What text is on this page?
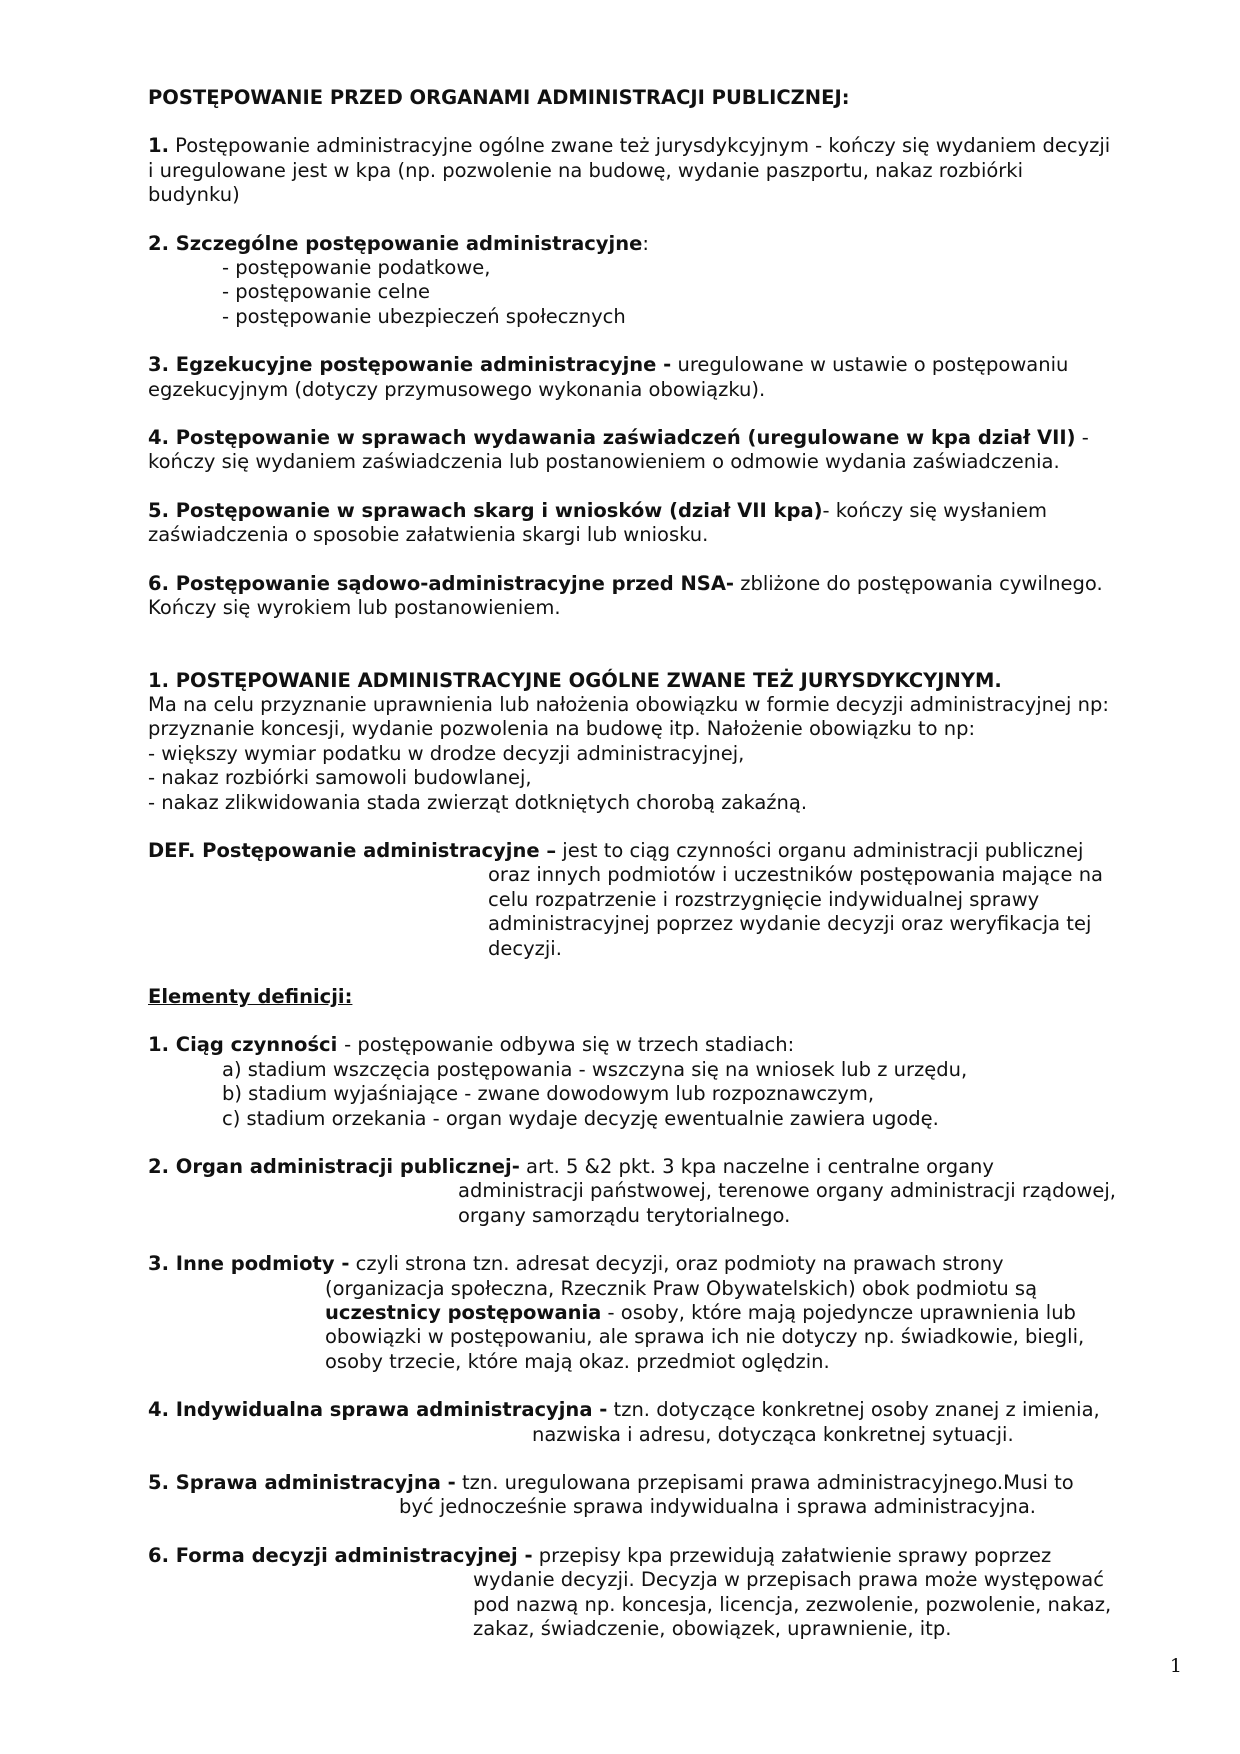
POSTĘPOWANIE PRZED ORGANAMI ADMINISTRACJI PUBLICZNEJ:

1. Postępowanie administracyjne ogólne zwane też jurysdykcyjnym - kończy się wydaniem decyzji

i uregulowane jest w kpa (np. pozwolenie na budowę, wydanie paszportu, nakaz rozbiórki

budynku)

2. Szczególne postępowanie administracyjne:

- postępowanie podatkowe,

- postępowanie celne

- postępowanie ubezpieczeń społecznych

3. Egzekucyjne postępowanie administracyjne - uregulowane w ustawie o postępowaniu

egzekucyjnym (dotyczy przymusowego wykonania obowiązku).

4. Postępowanie w sprawach wydawania zaświadczeń (uregulowane w kpa dział VII) -

kończy się wydaniem zaświadczenia lub postanowieniem o odmowie wydania zaświadczenia.

5. Postępowanie w sprawach skarg i wniosków (dział VII kpa)- kończy się wysłaniem

zaświadczenia o sposobie załatwienia skargi lub wniosku.

6. Postępowanie sądowo-administracyjne przed NSA- zbliżone do postępowania cywilnego.

Kończy się wyrokiem lub postanowieniem.

1. POSTĘPOWANIE ADMINISTRACYJNE OGÓLNE ZWANE TEŻ JURYSDYKCYJNYM.

Ma na celu przyznanie uprawnienia lub nałożenia obowiązku w formie decyzji administracyjnej np:

przyznanie koncesji, wydanie pozwolenia na budowę itp. Nałożenie obowiązku to np:

- większy wymiar podatku w drodze decyzji administracyjnej,

- nakaz rozbiórki samowoli budowlanej,

- nakaz zlikwidowania stada zwierząt dotkniętych chorobą zakaźną.

DEF. Postępowanie administracyjne – jest to ciąg czynności organu administracji publicznej

oraz innych podmiotów i uczestników postępowania mające na

celu rozpatrzenie i rozstrzygnięcie indywidualnej sprawy

administracyjnej poprzez wydanie decyzji oraz weryfikacja tej

decyzji.

Elementy definicji:

1. Ciąg czynności - postępowanie odbywa się w trzech stadiach:

a) stadium wszczęcia postępowania - wszczyna się na wniosek lub z urzędu,

b) stadium wyjaśniające - zwane dowodowym lub rozpoznawczym,

c) stadium orzekania - organ wydaje decyzję ewentualnie zawiera ugodę.

2. Organ administracji publicznej- art. 5 &2 pkt. 3 kpa naczelne i centralne organy

administracji państwowej, terenowe organy administracji rządowej,

organy samorządu terytorialnego.

3. Inne podmioty - czyli strona tzn. adresat decyzji, oraz podmioty na prawach strony

(organizacja społeczna, Rzecznik Praw Obywatelskich) obok podmiotu są

uczestnicy postępowania - osoby, które mają pojedyncze uprawnienia lub

obowiązki w postępowaniu, ale sprawa ich nie dotyczy np. świadkowie, biegli,

osoby trzecie, które mają okaz. przedmiot oględzin.

4. Indywidualna sprawa administracyjna - tzn. dotyczące konkretnej osoby znanej z imienia,

nazwiska i adresu, dotycząca konkretnej sytuacji.

5. Sprawa administracyjna - tzn. uregulowana przepisami prawa administracyjnego.Musi to

być jednocześnie sprawa indywidualna i sprawa administracyjna.

6. Forma decyzji administracyjnej - przepisy kpa przewidują załatwienie sprawy poprzez

wydanie decyzji. Decyzja w przepisach prawa może występować

pod nazwą np. koncesja, licencja, zezwolenie, pozwolenie, nakaz,

zakaz, świadczenie, obowiązek, uprawnienie, itp.

1
